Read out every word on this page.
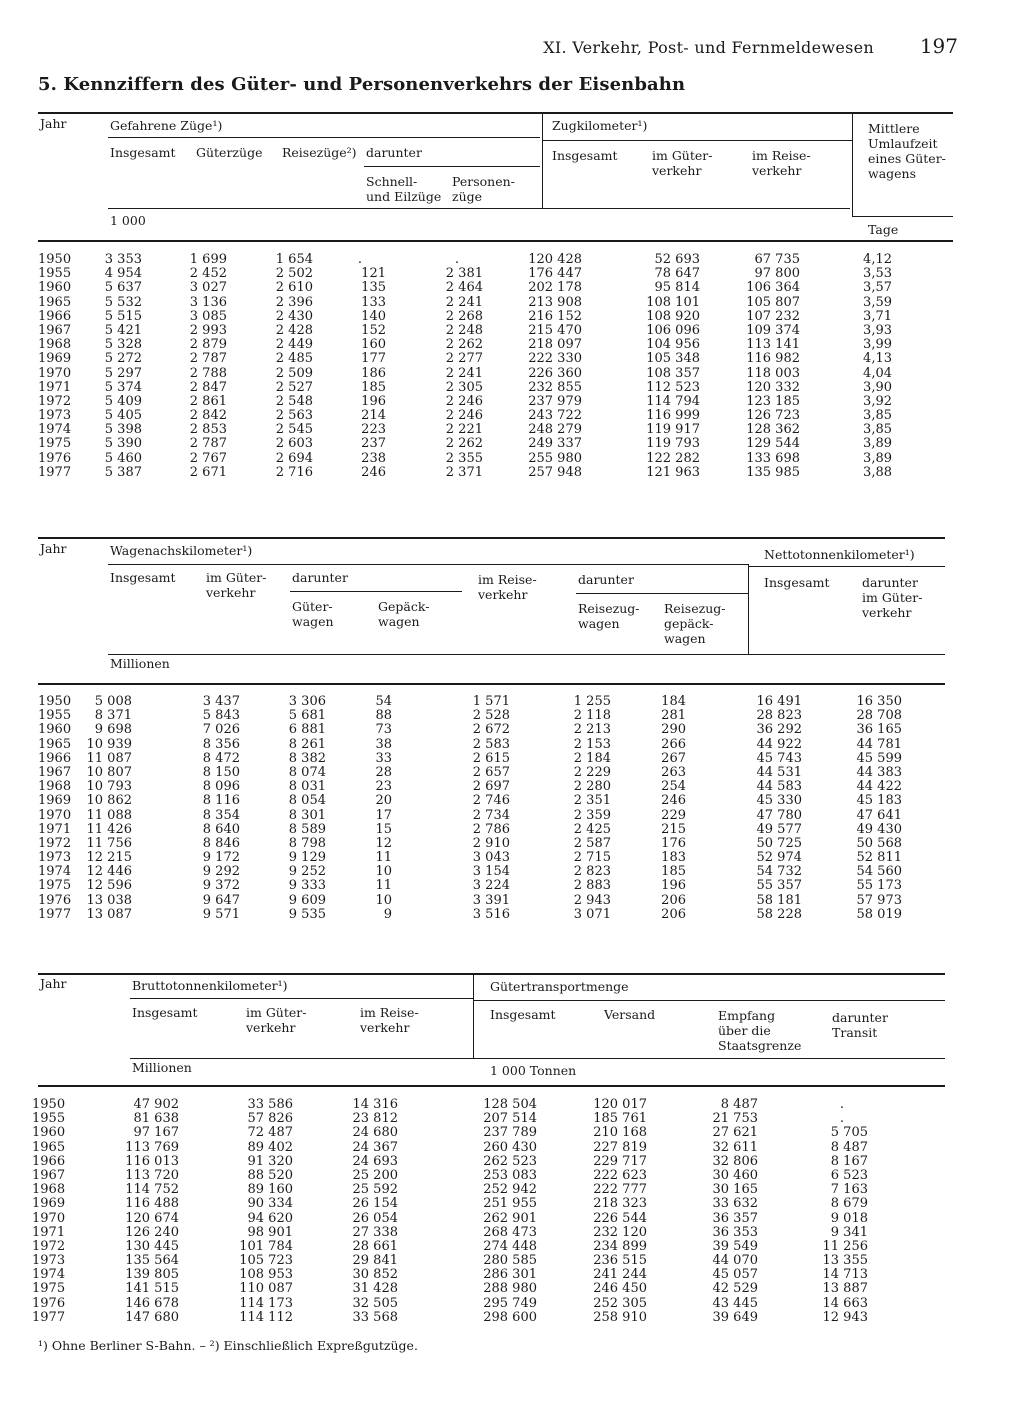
XI. Verkehr, Post- und Fernmeldewesen 197
5. Kennziffern des Güter- und Personenverkehrs der Eisenbahn
Jahr	Gefahrene Züge¹)
Insgesamt Güterzüge Reisezüge²) darunter
Schnell-
und Eilzüge
Personen-
züge
1 000
Zugkilometer¹)
Insgesamt	im Güter-
verkehr
im Reise-
verkehr
Mittlere
Umlaufzeit
eines Güter-
wagens
Tage
1950	3 353	1 699	1 654	.	.	120 428	52 693	67 735	4,12
1955	4 954	2 452	2 502	121	2 381	176 447	78 647	97 800	3,53
1960	5 637	3 027	2 610	135	2 464	202 178	95 814	106 364	3,57
1965	5 532	3 136	2 396	133	2 241	213 908	108 101	105 807	3,59
1966	5 515	3 085	2 430	140	2 268	216 152	108 920	107 232	3,71
1967	5 421	2 993	2 428	152	2 248	215 470	106 096	109 374	3,93
1968	5 328	2 879	2 449	160	2 262	218 097	104 956	113 141	3,99
1969	5 272	2 787	2 485	177	2 277	222 330	105 348	116 982	4,13
1970	5 297	2 788	2 509	186	2 241	226 360	108 357	118 003	4,04
1971	5 374	2 847	2 527	185	2 305	232 855	112 523	120 332	3,90
1972	5 409	2 861	2 548	196	2 246	237 979	114 794	123 185	3,92
1973	5 405	2 842	2 563	214	2 246	243 722	116 999	126 723	3,85
1974	5 398	2 853	2 545	223	2 221	248 279	119 917	128 362	3,85
1975	5 390	2 787	2 603	237	2 262	249 337	119 793	129 544	3,89
1976	5 460	2 767	2 694	238	2 355	255 980	122 282	133 698	3,89
1977	5 387	2 671	2 716	246	2 371	257 948	121 963	135 985	3,88
Jahr	Wagenachskilometer¹)
Insgesamt im Güter-
verkehr
darunter
Güter-
wagen
Gepäck-
wagen
im Reise-
verkehr
darunter
Reisezug-
wagen
Reisezug-
gepäck-
wagen
Millionen
Nettotonnenkilometer¹)
Insgesamt	darunter
im Güter-
verkehr
1950	5 008	3 437	3 306	54	1 571	1 255	184	16 491	16 350
1955	8 371	5 843	5 681	88	2 528	2 118	281	28 823	28 708
1960	9 698	7 026	6 881	73	2 672	2 213	290	36 292	36 165
1965	10 939	8 356	8 261	38	2 583	2 153	266	44 922	44 781
1966	11 087	8 472	8 382	33	2 615	2 184	267	45 743	45 599
1967	10 807	8 150	8 074	28	2 657	2 229	263	44 531	44 383
1968	10 793	8 096	8 031	23	2 697	2 280	254	44 583	44 422
1969	10 862	8 116	8 054	20	2 746	2 351	246	45 330	45 183
1970	11 088	8 354	8 301	17	2 734	2 359	229	47 780	47 641
1971	11 426	8 640	8 589	15	2 786	2 425	215	49 577	49 430
1972	11 756	8 846	8 798	12	2 910	2 587	176	50 725	50 568
1973	12 215	9 172	9 129	11	3 043	2 715	183	52 974	52 811
1974	12 446	9 292	9 252	10	3 154	2 823	185	54 732	54 560
1975	12 596	9 372	9 333	11	3 224	2 883	196	55 357	55 173
1976	13 038	9 647	9 609	10	3 391	2 943	206	58 181	57 973
1977	13 087	9 571	9 535	9	3 516	3 071	206	58 228	58 019
Jahr	Bruttotonnenkilometer¹)
Insgesamt	im Güter-
verkehr
im Reise-
verkehr
Gütertransportmenge
Insgesamt	Versand	Empfang
über die
Staatsgrenze
darunter
Transit
Millionen	1 000 Tonnen
1950	47 902	33 586	14 316	128 504	120 017	8 487	.
1955	81 638	57 826	23 812	207 514	185 761	21 753	.
1960	97 167	72 487	24 680	237 789	210 168	27 621	5 705
1965	113 769	89 402	24 367	260 430	227 819	32 611	8 487
1966	116 013	91 320	24 693	262 523	229 717	32 806	8 167
1967	113 720	88 520	25 200	253 083	222 623	30 460	6 523
1968	114 752	89 160	25 592	252 942	222 777	30 165	7 163
1969	116 488	90 334	26 154	251 955	218 323	33 632	8 679
1970	120 674	94 620	26 054	262 901	226 544	36 357	9 018
1971	126 240	98 901	27 338	268 473	232 120	36 353	9 341
1972	130 445	101 784	28 661	274 448	234 899	39 549	11 256
1973	135 564	105 723	29 841	280 585	236 515	44 070	13 355
1974	139 805	108 953	30 852	286 301	241 244	45 057	14 713
1975	141 515	110 087	31 428	288 980	246 450	42 529	13 887
1976	146 678	114 173	32 505	295 749	252 305	43 445	14 663
1977	147 680	114 112	33 568	298 600	258 910	39 649	12 943
¹) Ohne Berliner S-Bahn. – ²) Einschließlich Expreßgutzüge.
